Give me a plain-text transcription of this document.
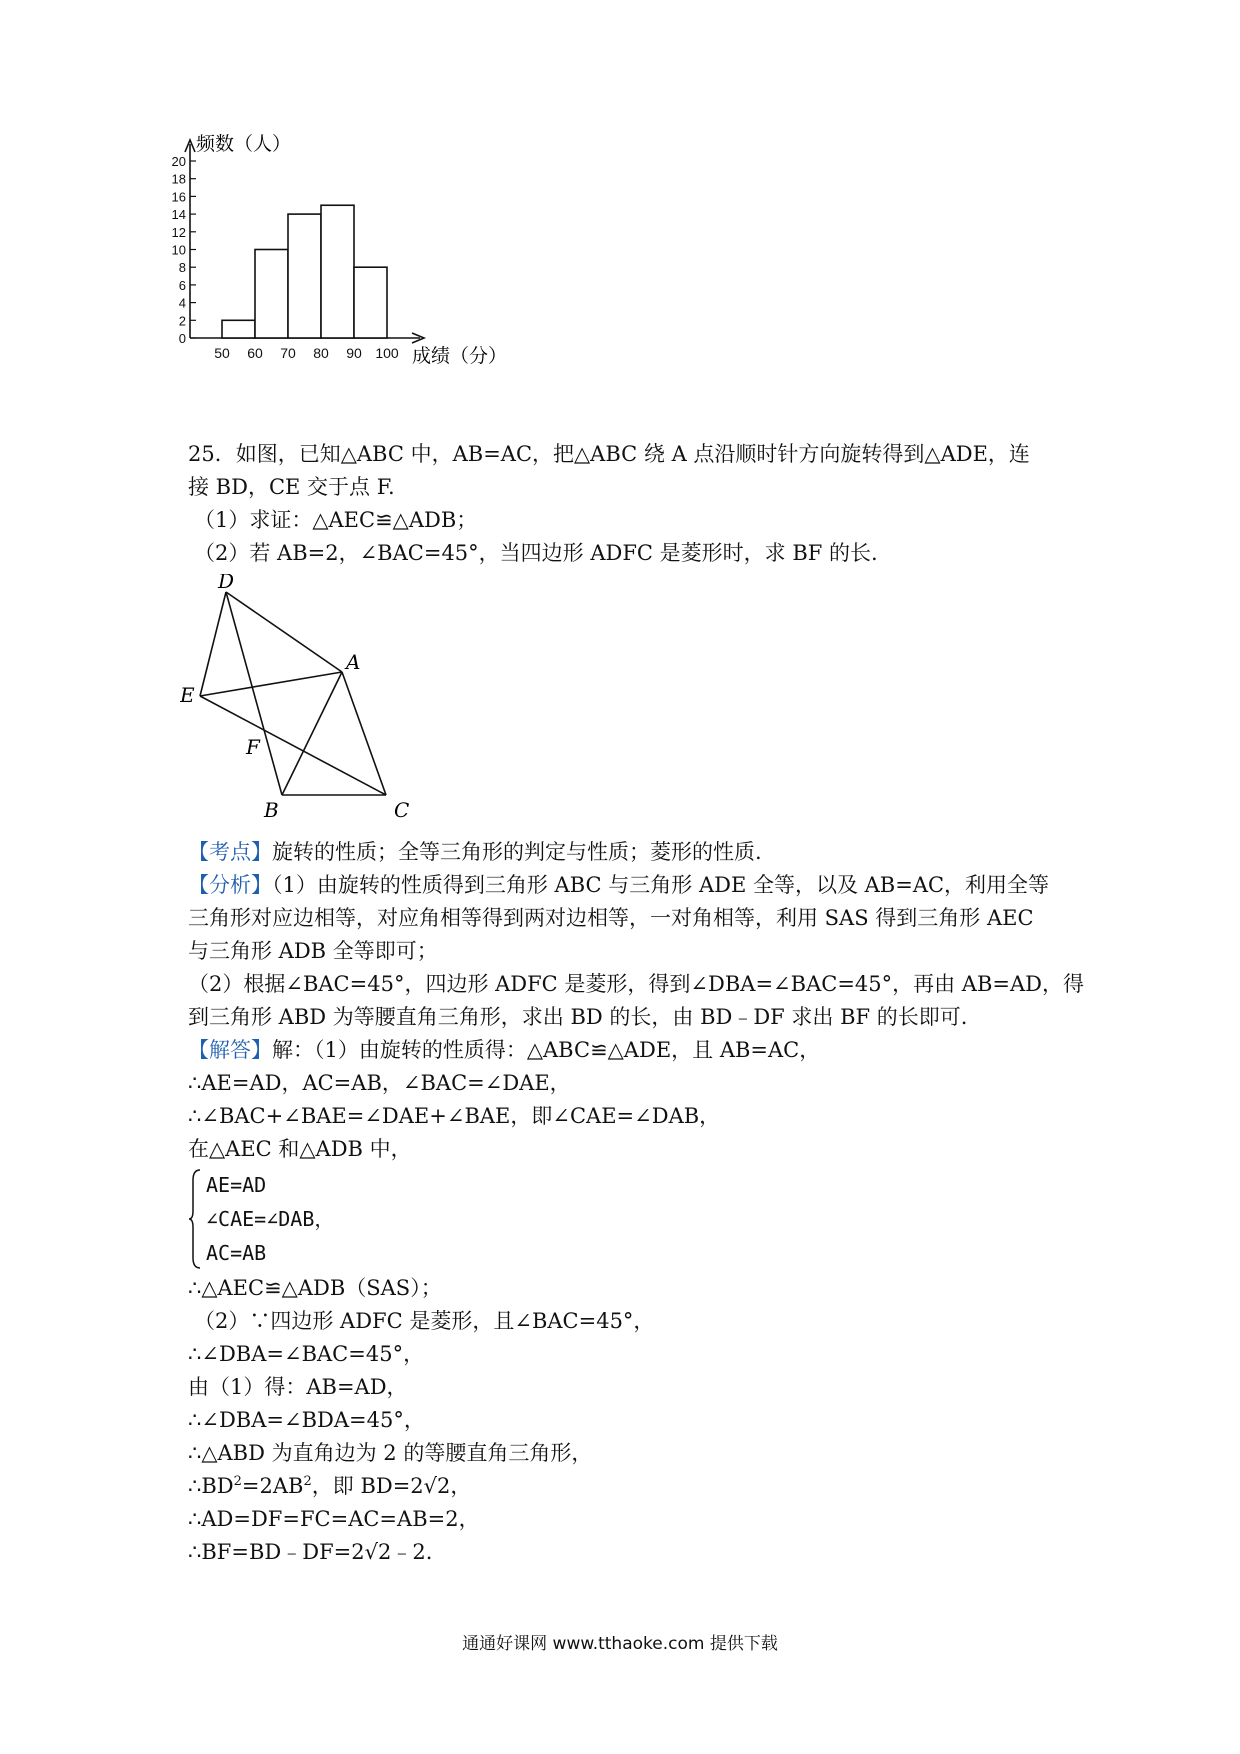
0
2
4
6
8
10
12
14
16
18
20
50 60 70 80 90 100
频数（人）
成绩（分）
25．如图，已知△ABC 中，AB=AC，把△ABC 绕 A 点沿顺时针方向旋转得到△ADE，连
接 BD，CE 交于点 F.
（1）求证：△AEC≌△ADB；
（2）若 AB=2，∠BAC=45°，当四边形 ADFC 是菱形时，求 BF 的长.
D
A
E
F
B	C
【考点】旋转的性质；全等三角形的判定与性质；菱形的性质.
【分析】（1）由旋转的性质得到三角形 ABC 与三角形 ADE 全等，以及 AB=AC，利用全等
三角形对应边相等，对应角相等得到两对边相等，一对角相等，利用 SAS 得到三角形 AEC
与三角形 ADB 全等即可；
（2）根据∠BAC=45°，四边形 ADFC 是菱形，得到∠DBA=∠BAC=45°，再由 AB=AD，得
到三角形 ABD 为等腰直角三角形，求出 BD 的长，由 BD﹣DF 求出 BF 的长即可.
【解答】解：（1）由旋转的性质得：△ABC≌△ADE，且 AB=AC，
∴AE=AD，AC=AB，∠BAC=∠DAE，
∴∠BAC+∠BAE=∠DAE+∠BAE，即∠CAE=∠DAB，
在△AEC 和△ADB 中，
AE=AD
∠CAE=∠DAB，
AC=AB
∴△AEC≌△ADB（SAS）；
（2）∵四边形 ADFC 是菱形，且∠BAC=45°，
∴∠DBA=∠BAC=45°，
由（1）得：AB=AD，
∴∠DBA=∠BDA=45°，
∴△ABD 为直角边为 2 的等腰直角三角形，
$\therefore BD^2=2AB^2$，即 BD=2√2，
∴AD=DF=FC=AC=AB=2，
∴BF=BD﹣DF=2√2﹣2.
通通好课网 www.tthaoke.com 提供下载
